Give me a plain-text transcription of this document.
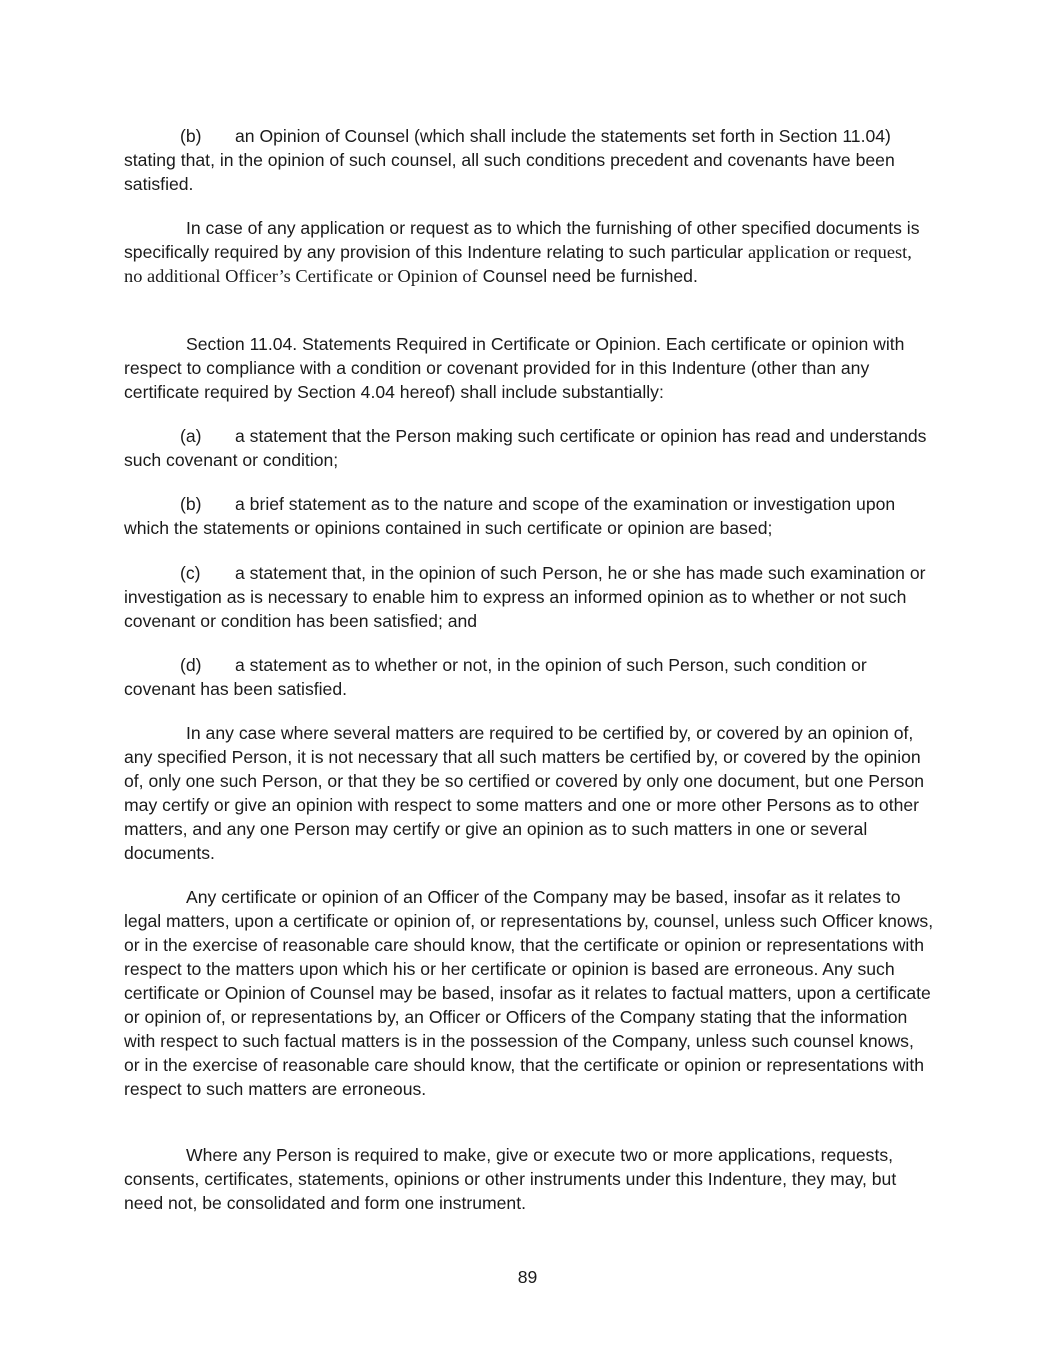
(b) an Opinion of Counsel (which shall include the statements set forth in Section 11.04) stating that, in the opinion of such counsel, all such conditions precedent and covenants have been satisfied.

In case of any application or request as to which the furnishing of other specified documents is specifically required by any provision of this Indenture relating to such particular application or request, no additional Officer’s Certificate or Opinion of Counsel need be furnished.

Section 11.04. Statements Required in Certificate or Opinion. Each certificate or opinion with respect to compliance with a condition or covenant provided for in this Indenture (other than any certificate required by Section 4.04 hereof) shall include substantially:

(a) a statement that the Person making such certificate or opinion has read and understands such covenant or condition;

(b) a brief statement as to the nature and scope of the examination or investigation upon which the statements or opinions contained in such certificate or opinion are based;

(c) a statement that, in the opinion of such Person, he or she has made such examination or investigation as is necessary to enable him to express an informed opinion as to whether or not such covenant or condition has been satisfied; and

(d) a statement as to whether or not, in the opinion of such Person, such condition or covenant has been satisfied.

In any case where several matters are required to be certified by, or covered by an opinion of, any specified Person, it is not necessary that all such matters be certified by, or covered by the opinion of, only one such Person, or that they be so certified or covered by only one document, but one Person may certify or give an opinion with respect to some matters and one or more other Persons as to other matters, and any one Person may certify or give an opinion as to such matters in one or several documents.

Any certificate or opinion of an Officer of the Company may be based, insofar as it relates to legal matters, upon a certificate or opinion of, or representations by, counsel, unless such Officer knows, or in the exercise of reasonable care should know, that the certificate or opinion or representations with respect to the matters upon which his or her certificate or opinion is based are erroneous. Any such certificate or Opinion of Counsel may be based, insofar as it relates to factual matters, upon a certificate or opinion of, or representations by, an Officer or Officers of the Company stating that the information with respect to such factual matters is in the possession of the Company, unless such counsel knows, or in the exercise of reasonable care should know, that the certificate or opinion or representations with respect to such matters are erroneous.

Where any Person is required to make, give or execute two or more applications, requests, consents, certificates, statements, opinions or other instruments under this Indenture, they may, but need not, be consolidated and form one instrument.

89
